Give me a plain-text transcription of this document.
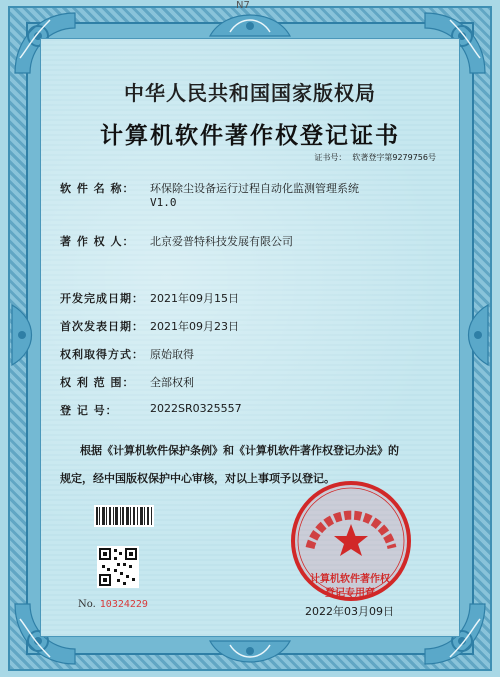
N7
中华人民共和国国家版权局
计算机软件著作权登记证书
证书号： 软著登字第9279756号
软 件 名 称： 环保除尘设备运行过程自动化监测管理系统
V1.0
著 作 权 人： 北京爱普特科技发展有限公司
开发完成日期： 2021年09月15日
首次发表日期： 2021年09月23日
权利取得方式： 原始取得
权 利 范 围： 全部权利
登 记 号：	2022SR0325557
根据《计算机软件保护条例》和《计算机软件著作权登记办法》的
规定，经中国版权保护中心审核，对以上事项予以登记。
No. 10324229
计算机软件著作权
登记专用章
2022年03月09日
